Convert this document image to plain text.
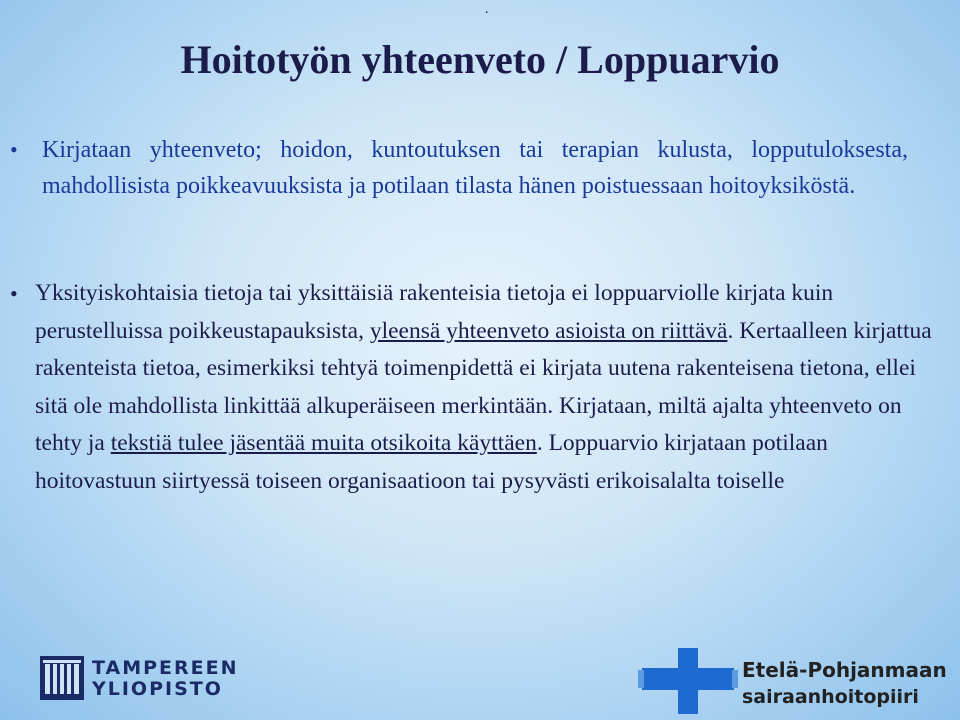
.
Hoitotyön yhteenveto / Loppuarvio
• Kirjataan yhteenveto; hoidon, kuntoutuksen tai terapian kulusta, lopputuloksesta, mahdollisista poikkeavuuksista ja potilaan tilasta hänen poistuessaan hoitoyksiköstä.

• Yksityiskohtaisia tietoja tai yksittäisiä rakenteisia tietoja ei loppuarviolle kirjata kuin perustelluissa poikkeustapauksista, yleensä yhteenveto asioista on riittävä. Kertaalleen kirjattua rakenteista tietoa, esimerkiksi tehtyä toimenpidettä ei kirjata uutena rakenteisena tietona, ellei sitä ole mahdollista linkittää alkuperäiseen merkintään. Kirjataan, miltä ajalta yhteenveto on tehty ja tekstiä tulee jäsentää muita otsikoita käyttäen. Loppuarvio kirjataan potilaan hoitovastuun siirtyessä toiseen organisaatioon tai pysyvästi erikoisalalta toiselle

TAMPEREEN
YLIOPISTO
Etelä-Pohjanmaan
sairaanhoitopiiri
